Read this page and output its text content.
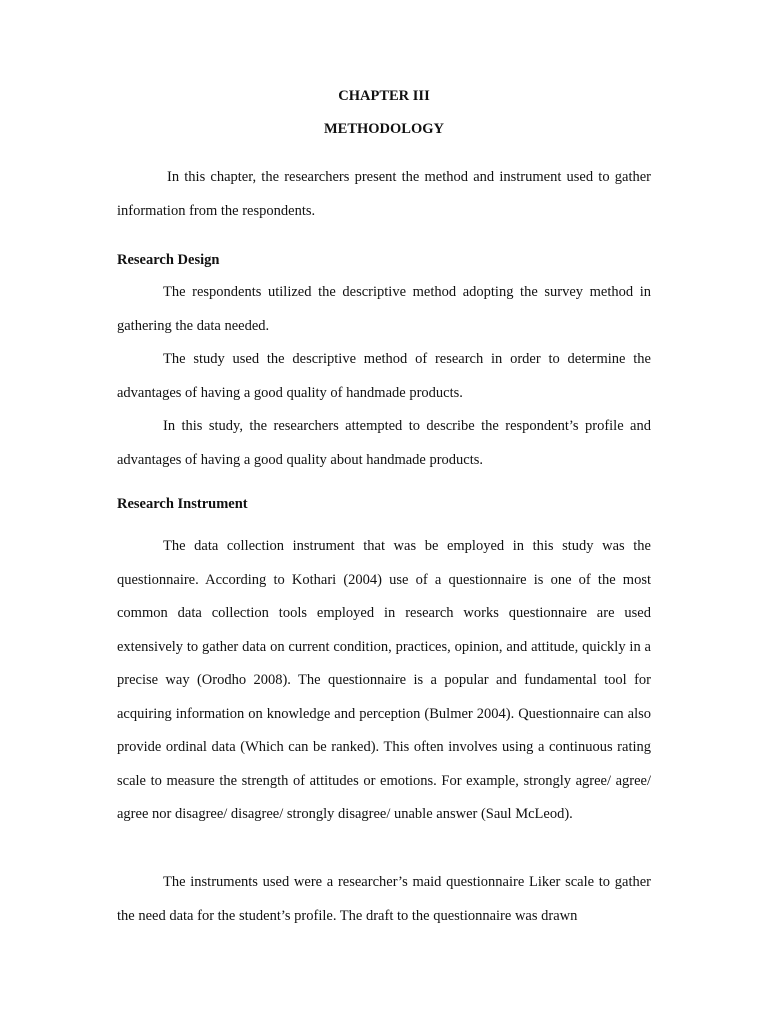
CHAPTER III
METHODOLOGY

In this chapter, the researchers present the method and instrument used to gather information from the respondents.

Research Design

The respondents utilized the descriptive method adopting the survey method in gathering the data needed.

The study used the descriptive method of research in order to determine the advantages of having a good quality of handmade products.

In this study, the researchers attempted to describe the respondent’s profile and advantages of having a good quality about handmade products.

Research Instrument

The data collection instrument that was be employed in this study was the questionnaire. According to Kothari (2004) use of a questionnaire is one of the most common data collection tools employed in research works questionnaire are used extensively to gather data on current condition, practices, opinion, and attitude, quickly in a precise way (Orodho 2008). The questionnaire is a popular and fundamental tool for acquiring information on knowledge and perception (Bulmer 2004). Questionnaire can also provide ordinal data (Which can be ranked). This often involves using a continuous rating scale to measure the strength of attitudes or emotions. For example, strongly agree/ agree/ agree nor disagree/ disagree/ strongly disagree/ unable answer (Saul McLeod).

The instruments used were a researcher’s maid questionnaire Liker scale to gather the need data for the student’s profile. The draft to the questionnaire was drawn
